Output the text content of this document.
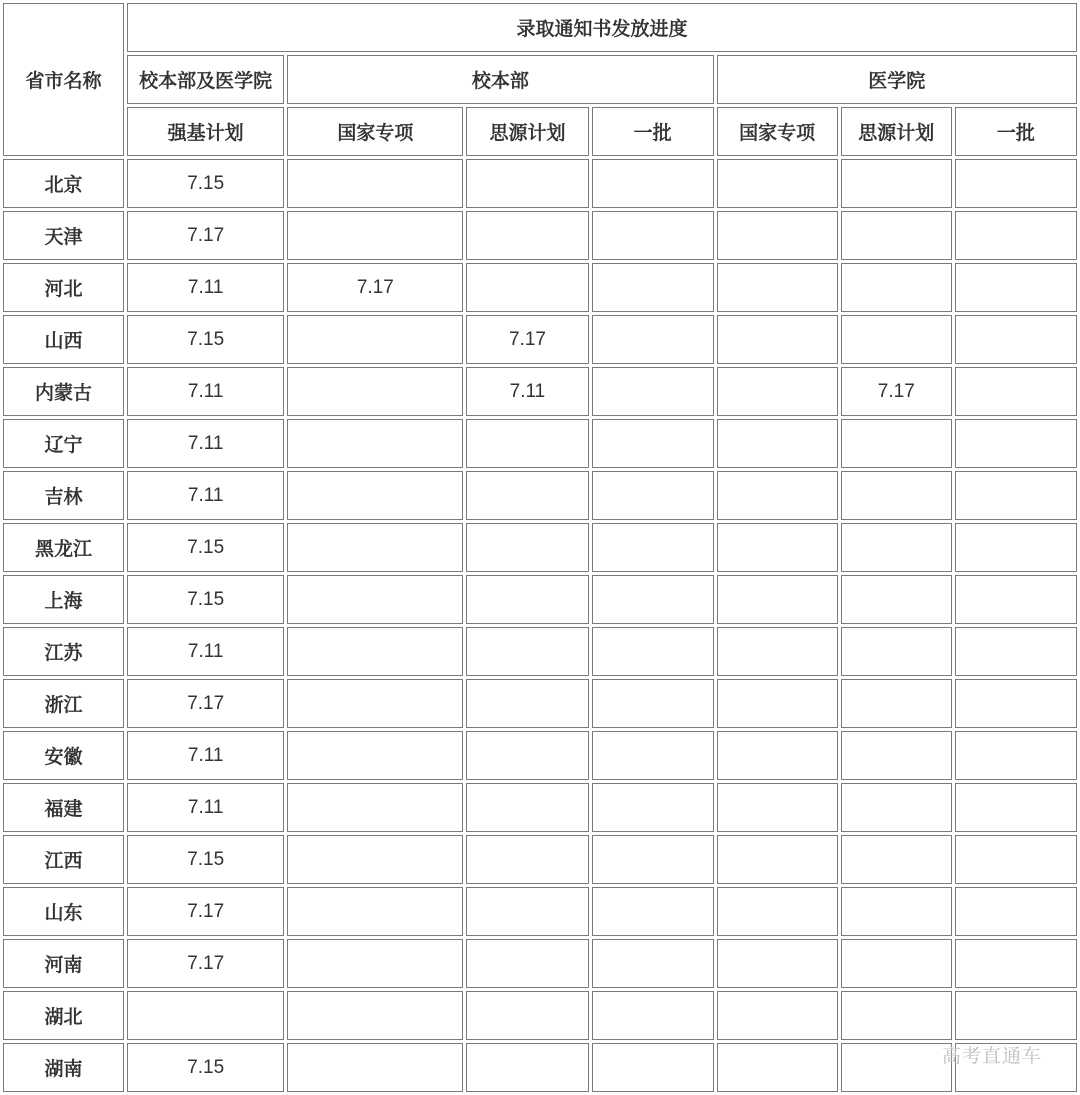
省市名称	录取通知书发放进度						
	校本部及医学院	校本部			医学院		
	强基计划	国家专项	思源计划	一批	国家专项	思源计划	一批
北京	7.15						
天津	7.17						
河北	7.11	7.17					
山西	7.15		7.17				
内蒙古	7.11		7.11			7.17	
辽宁	7.11						
吉林	7.11						
黑龙江	7.15						
上海	7.15						
江苏	7.11						
浙江	7.17						
安徽	7.11						
福建	7.11						
江西	7.15						
山东	7.17						
河南	7.17						
湖北							
湖南	7.15							高考直通车
